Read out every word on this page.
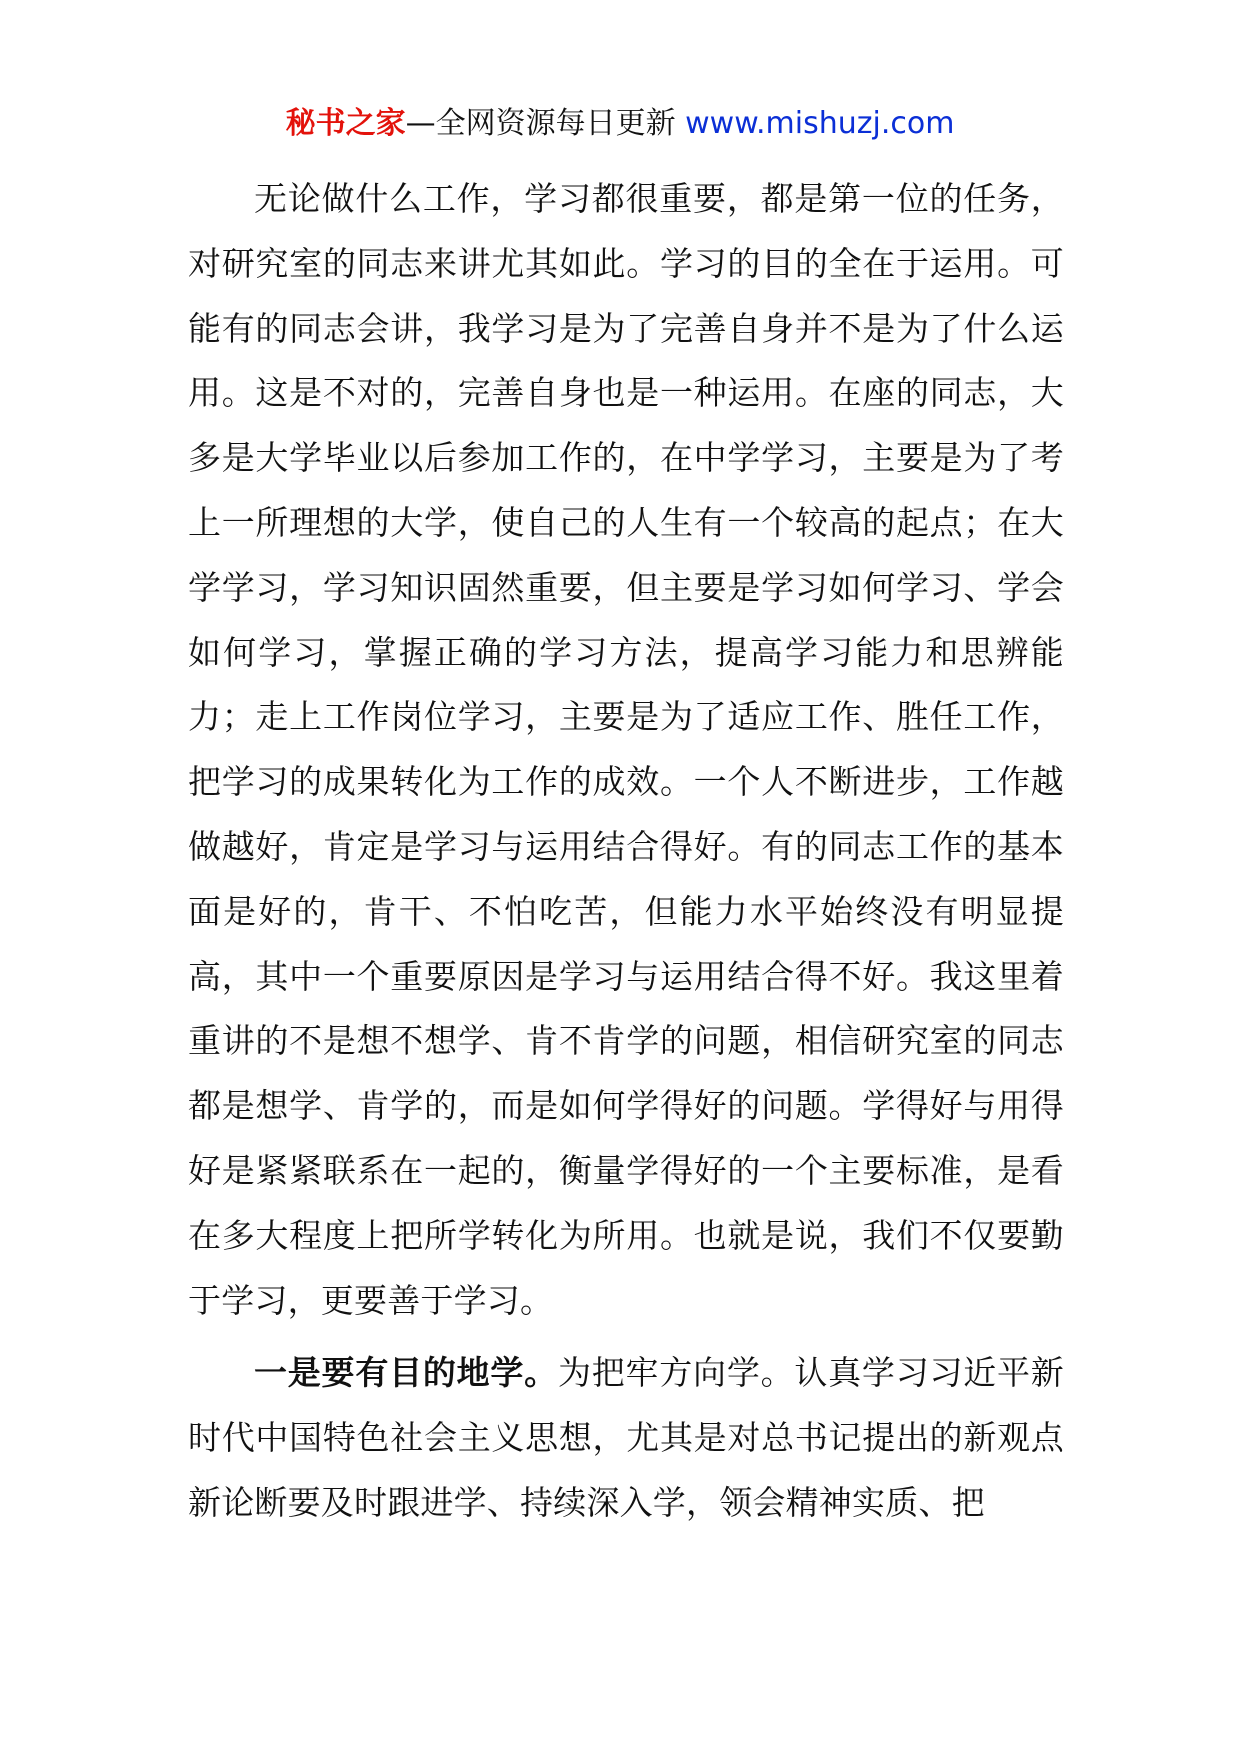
秘书之家—全网资源每日更新 www.mishuzj.com

无论做什么工作，学习都很重要，都是第一位的任务，对研究室的同志来讲尤其如此。学习的目的全在于运用。可能有的同志会讲，我学习是为了完善自身并不是为了什么运用。这是不对的，完善自身也是一种运用。在座的同志，大多是大学毕业以后参加工作的，在中学学习，主要是为了考上一所理想的大学，使自己的人生有一个较高的起点；在大学学习，学习知识固然重要，但主要是学习如何学习、学会如何学习，掌握正确的学习方法，提高学习能力和思辨能力；走上工作岗位学习，主要是为了适应工作、胜任工作，把学习的成果转化为工作的成效。一个人不断进步，工作越做越好，肯定是学习与运用结合得好。有的同志工作的基本面是好的，肯干、不怕吃苦，但能力水平始终没有明显提高，其中一个重要原因是学习与运用结合得不好。我这里着重讲的不是想不想学、肯不肯学的问题，相信研究室的同志都是想学、肯学的，而是如何学得好的问题。学得好与用得好是紧紧联系在一起的，衡量学得好的一个主要标准，是看在多大程度上把所学转化为所用。也就是说，我们不仅要勤于学习，更要善于学习。

一是要有目的地学。为把牢方向学。认真学习习近平新时代中国特色社会主义思想，尤其是对总书记提出的新观点新论断要及时跟进学、持续深入学，领会精神实质、把
